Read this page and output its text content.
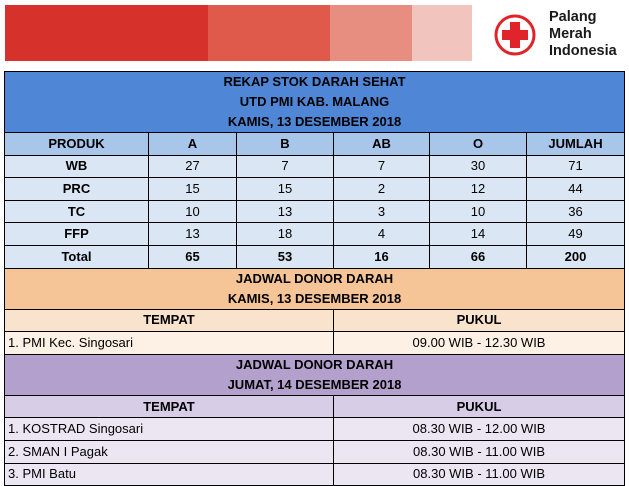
Palang
Merah
Indonesia
REKAP STOK DARAH SEHAT					
UTD PMI KAB. MALANG					
KAMIS, 13 DESEMBER 2018					
PRODUK	A	B	AB	O	JUMLAH
WB	27	7	7	30	71
PRC	15	15	2	12	44
TC	10	13	3	10	36
FFP	13	18	4	14	49
Total	65	53	16	66	200
JADWAL DONOR DARAH					
KAMIS, 13 DESEMBER 2018					
TEMPAT			PUKUL		
1. PMI Kec. Singosari			09.00 WIB - 12.30 WIB		
JADWAL DONOR DARAH					
JUMAT, 14 DESEMBER 2018					
TEMPAT			PUKUL		
1. KOSTRAD Singosari			08.30 WIB - 12.00 WIB		
2. SMAN I Pagak			08.30 WIB - 11.00 WIB		
3. PMI Batu			08.30 WIB - 11.00 WIB		
